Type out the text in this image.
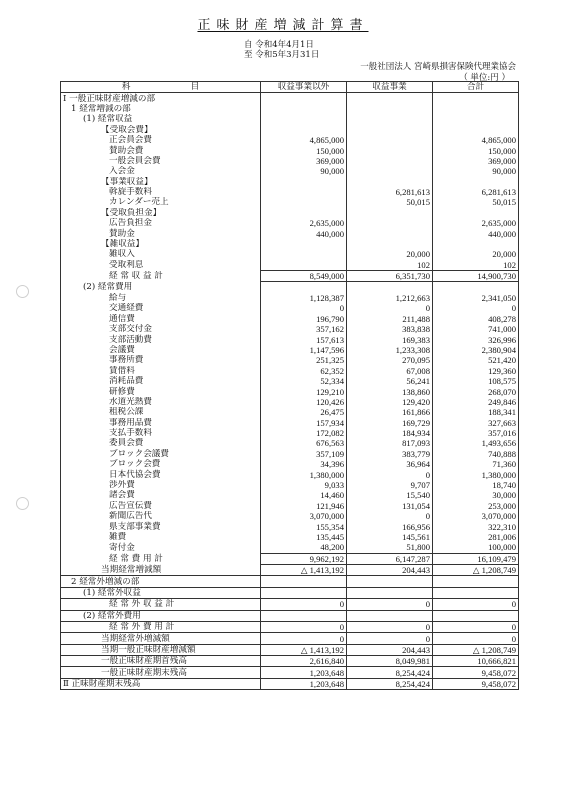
正味財産増減計算書
自 令和4年4月1日
至 令和5年3月31日
一般社団法人 宮崎県損害保険代理業協会
（ 単位:円 ）
科　　　　　　　目	収益事業以外	収益事業	合計
Ⅰ 一般正味財産増減の部			
1 経常増減の部			
(1) 経常収益			
【受取会費】			
正会員会費	4,865,000		4,865,000
賛助会費	150,000		150,000
一般会員会費	369,000		369,000
入会金	90,000		90,000
【事業収益】			
斡旋手数料		6,281,613	6,281,613
カレンダー売上		50,015	50,015
【受取負担金】			
広告負担金	2,635,000		2,635,000
賛助金	440,000		440,000
【雑収益】			
雑収入		20,000	20,000
受取利息		102	102
経 常 収 益 計	8,549,000	6,351,730	14,900,730
(2) 経常費用			
給与	1,128,387	1,212,663	2,341,050
交通経費	0	0	0
通信費	196,790	211,488	408,278
支部交付金	357,162	383,838	741,000
支部活動費	157,613	169,383	326,996
会議費	1,147,596	1,233,308	2,380,904
事務所費	251,325	270,095	521,420
賃借料	62,352	67,008	129,360
消耗品費	52,334	56,241	108,575
研修費	129,210	138,860	268,070
水道光熱費	120,426	129,420	249,846
租税公課	26,475	161,866	188,341
事務用品費	157,934	169,729	327,663
支払手数料	172,082	184,934	357,016
委員会費	676,563	817,093	1,493,656
ブロック会議費	357,109	383,779	740,888
ブロック会費	34,396	36,964	71,360
日本代協会費	1,380,000	0	1,380,000
渉外費	9,033	9,707	18,740
諸会費	14,460	15,540	30,000
広告宣伝費	121,946	131,054	253,000
新聞広告代	3,070,000	0	3,070,000
県支部事業費	155,354	166,956	322,310
雑費	135,445	145,561	281,006
寄付金	48,200	51,800	100,000
経 常 費 用 計	9,962,192	6,147,287	16,109,479
当期経常増減額	△ 1,413,192	204,443	△ 1,208,749
2 経常外増減の部			
(1) 経常外収益			
経 常 外 収 益 計	0	0	0
(2) 経常外費用			
経 常 外 費 用 計	0	0	0
当期経常外増減額	0	0	0
当期一般正味財産増減額	△ 1,413,192	204,443	△ 1,208,749
一般正味財産期首残高	2,616,840	8,049,981	10,666,821
一般正味財産期末残高	1,203,648	8,254,424	9,458,072
Ⅱ 正味財産期末残高	1,203,648	8,254,424	9,458,072
